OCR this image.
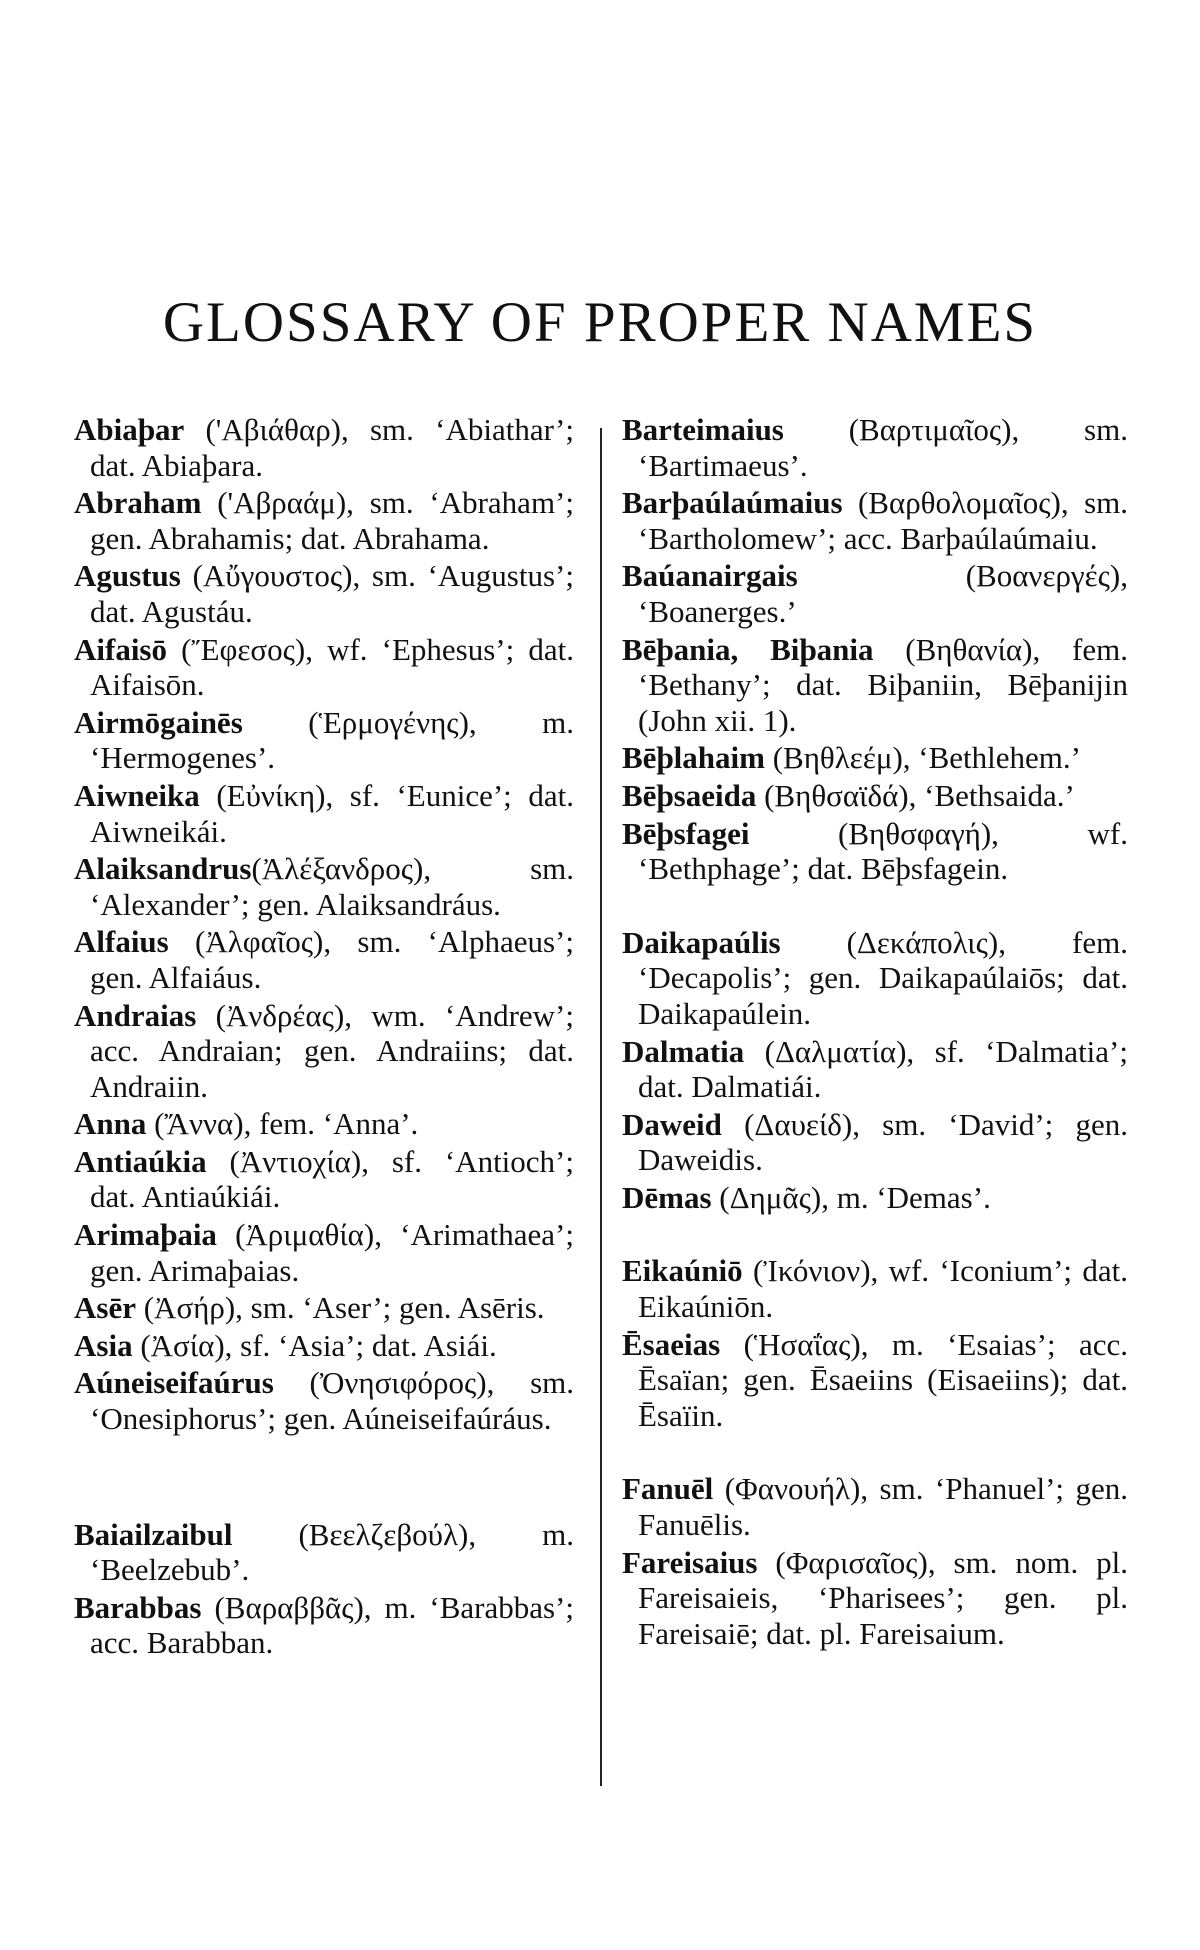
GLOSSARY OF PROPER NAMES

Abiaþar ('Αβιάθαρ), sm. ‘Abiathar’; dat. Abiaþara.

Abraham ('Αβραάμ), sm. ‘Abraham’; gen. Abrahamis; dat. Abrahama.

Agustus (Αὔγουστος), sm. ‘Augustus’; dat. Agustáu.

Aifaisō (Ἔφεσος), wf. ‘Ephesus’; dat. Aifaisōn.

Airmōgainēs (Ἑρμογένης), m. ‘Hermogenes’.

Aiwneika (Εὐνίκη), sf. ‘Eunice’; dat. Aiwneikái.

Alaiksandrus(Ἀλέξανδρος), sm. ‘Alexander’; gen. Alaiksandráus.

Alfaius (Ἀλφαῖος), sm. ‘Alphaeus’; gen. Alfaiáus.

Andraias (Ἀνδρέας), wm. ‘Andrew’; acc. Andraian; gen. Andraiins; dat. Andraiin.

Anna (Ἄννα), fem. ‘Anna’.

Antiaúkia (Ἀντιοχία), sf. ‘Antioch’; dat. Antiaúkiái.

Arimaþaia (Ἀριμαθία), ‘Arimathaea’; gen. Arimaþaias.

Asēr (Ἀσήρ), sm. ‘Aser’; gen. Asēris.

Asia (Ἀσία), sf. ‘Asia’; dat. Asiái.

Aúneiseifaúrus (Ὀνησιφόρος), sm. ‘Onesiphorus’; gen. Aúneiseifaúráus.

Baiailzaibul (Βεελζεβούλ), m. ‘Beelzebub’.

Barabbas (Βαραββᾶς), m. ‘Barabbas’; acc. Barabban.

Barteimaius (Βαρτιμαῖος), sm. ‘Bartimaeus’.

Barþaúlaúmaius (Βαρθολομαῖος), sm. ‘Bartholomew’; acc. Barþaúlaúmaiu.

Baúanairgais (Βοανεργές), ‘Boanerges.’

Bēþania, Biþania (Βηθανία), fem. ‘Bethany’; dat. Biþaniin, Bēþanijin (John xii. 1).

Bēþlahaim (Βηθλεέμ), ‘Bethlehem.’

Bēþsaeida (Βηθσαϊδά), ‘Bethsaida.’

Bēþsfagei (Βηθσφαγή), wf. ‘Bethphage’; dat. Bēþsfagein.

Daikapaúlis (Δεκάπολις), fem. ‘Decapolis’; gen. Daikapaúlaiōs; dat. Daikapaúlein.

Dalmatia (Δαλματία), sf. ‘Dalmatia’; dat. Dalmatiái.

Daweid (Δαυείδ), sm. ‘David’; gen. Daweidis.

Dēmas (Δημᾶς), m. ‘Demas’.

Eikaúniō (Ἰκόνιον), wf. ‘Iconium’; dat. Eikaúniōn.

Ēsaeias (Ἡσαΐας), m. ‘Esaias’; acc. Ēsaïan; gen. Ēsaeiins (Eisaeiins); dat. Ēsaïin.

Fanuēl (Φανουήλ), sm. ‘Phanuel’; gen. Fanuēlis.

Fareisaius (Φαρισαῖος), sm. nom. pl. Fareisaieis, ‘Pharisees’; gen. pl. Fareisaiē; dat. pl. Fareisaium.
